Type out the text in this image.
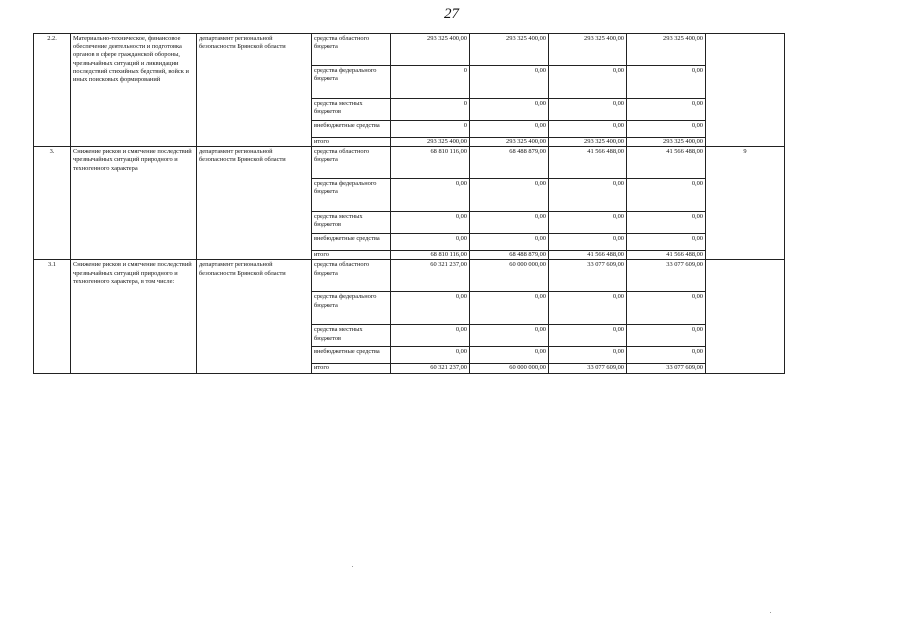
27
2.2.	Материально-техническое, финансовое обеспечение деятельности и подготовка органов в сфере гражданской обороны, чрезвычайных ситуаций и ликвидации последствий стихийных бедствий, войск и иных поисковых формирований	департамент региональной безопасности Брянской области	средства областного бюджета	293 325 400,00	293 325 400,00	293 325 400,00	293 325 400,00	
			средства федерального бюджета	0	0,00	0,00	0,00	
			средства местных бюджетов	0	0,00	0,00	0,00	
			внебюджетные средства	0	0,00	0,00	0,00	
			итого	293 325 400,00	293 325 400,00	293 325 400,00	293 325 400,00	
3.	Снижение рисков и смягчение последствий чрезвычайных ситуаций природного и техногенного характера	департамент региональной безопасности Брянской области	средства областного бюджета	68 810 116,00	68 488 879,00	41 566 488,00	41 566 488,00	9
			средства федерального бюджета	0,00	0,00	0,00	0,00	
			средства местных бюджетов	0,00	0,00	0,00	0,00	
			внебюджетные средства	0,00	0,00	0,00	0,00	
			итого	68 810 116,00	68 488 879,00	41 566 488,00	41 566 488,00	
3.1	Снижение рисков и смягчение последствий чрезвычайных ситуаций природного и техногенного характера, в том числе:	департамент региональной безопасности Брянской области	средства областного бюджета	60 321 237,00	60 000 000,00	33 077 609,00	33 077 609,00	
			средства федерального бюджета	0,00	0,00	0,00	0,00	
			средства местных бюджетов	0,00	0,00	0,00	0,00	
			внебюджетные средства	0,00	0,00	0,00	0,00	
			итого	60 321 237,00	60 000 000,00	33 077 609,00	33 077 609,00	
